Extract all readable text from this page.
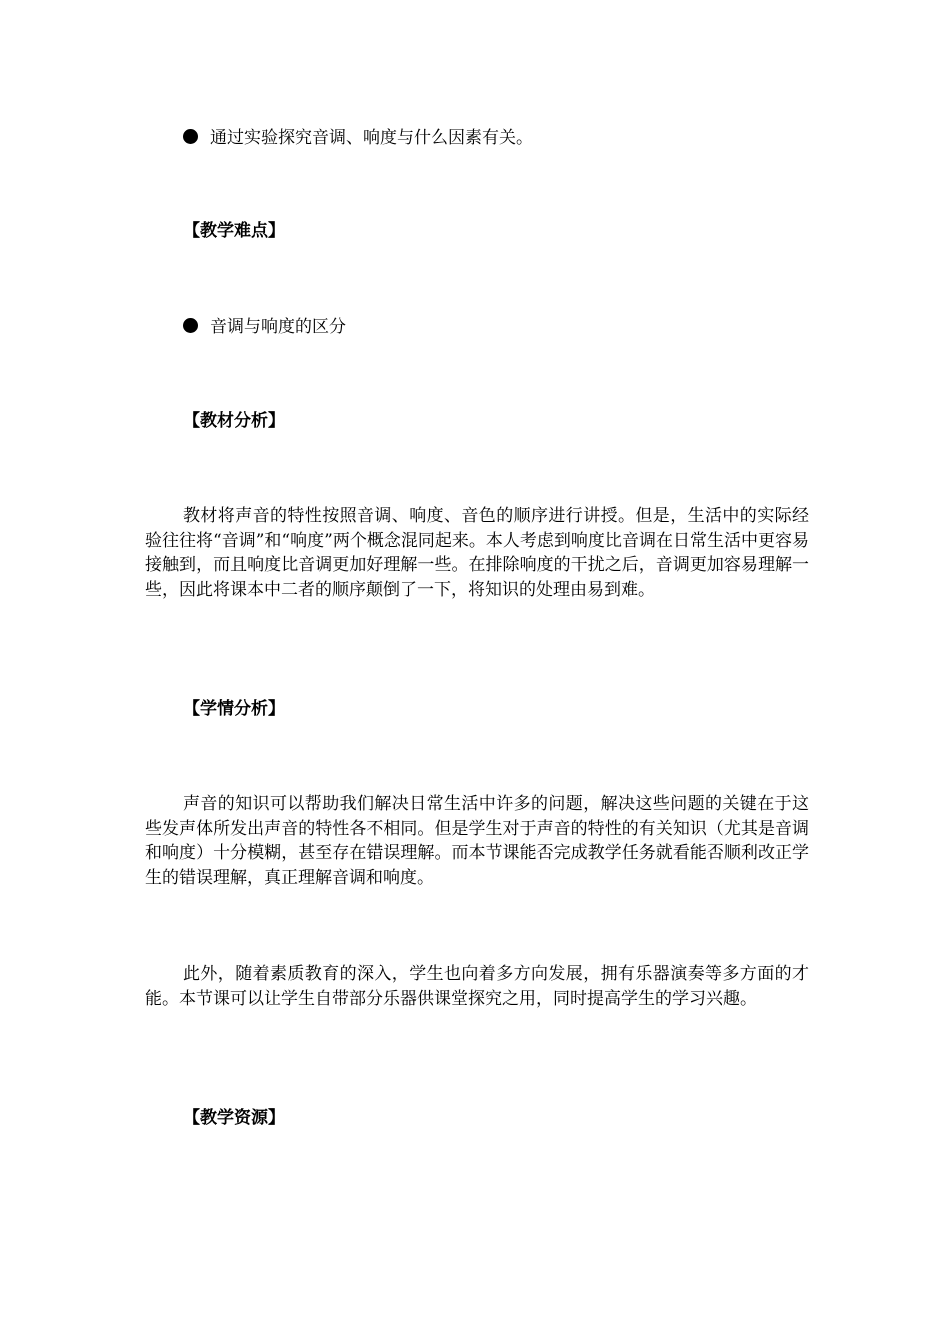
通过实验探究音调、响度与什么因素有关。
【教学难点】
音调与响度的区分
【教材分析】

教材将声音的特性按照音调、响度、音色的顺序进行讲授。但是，生活中的实际经验往往将“音调”和“响度”两个概念混同起来。本人考虑到响度比音调在日常生活中更容易接触到，而且响度比音调更加好理解一些。在排除响度的干扰之后，音调更加容易理解一些，因此将课本中二者的顺序颠倒了一下，将知识的处理由易到难。

【学情分析】

声音的知识可以帮助我们解决日常生活中许多的问题，解决这些问题的关键在于这些发声体所发出声音的特性各不相同。但是学生对于声音的特性的有关知识（尤其是音调和响度）十分模糊，甚至存在错误理解。而本节课能否完成教学任务就看能否顺利改正学生的错误理解，真正理解音调和响度。

此外，随着素质教育的深入，学生也向着多方向发展，拥有乐器演奏等多方面的才能。本节课可以让学生自带部分乐器供课堂探究之用，同时提高学生的学习兴趣。

【教学资源】
